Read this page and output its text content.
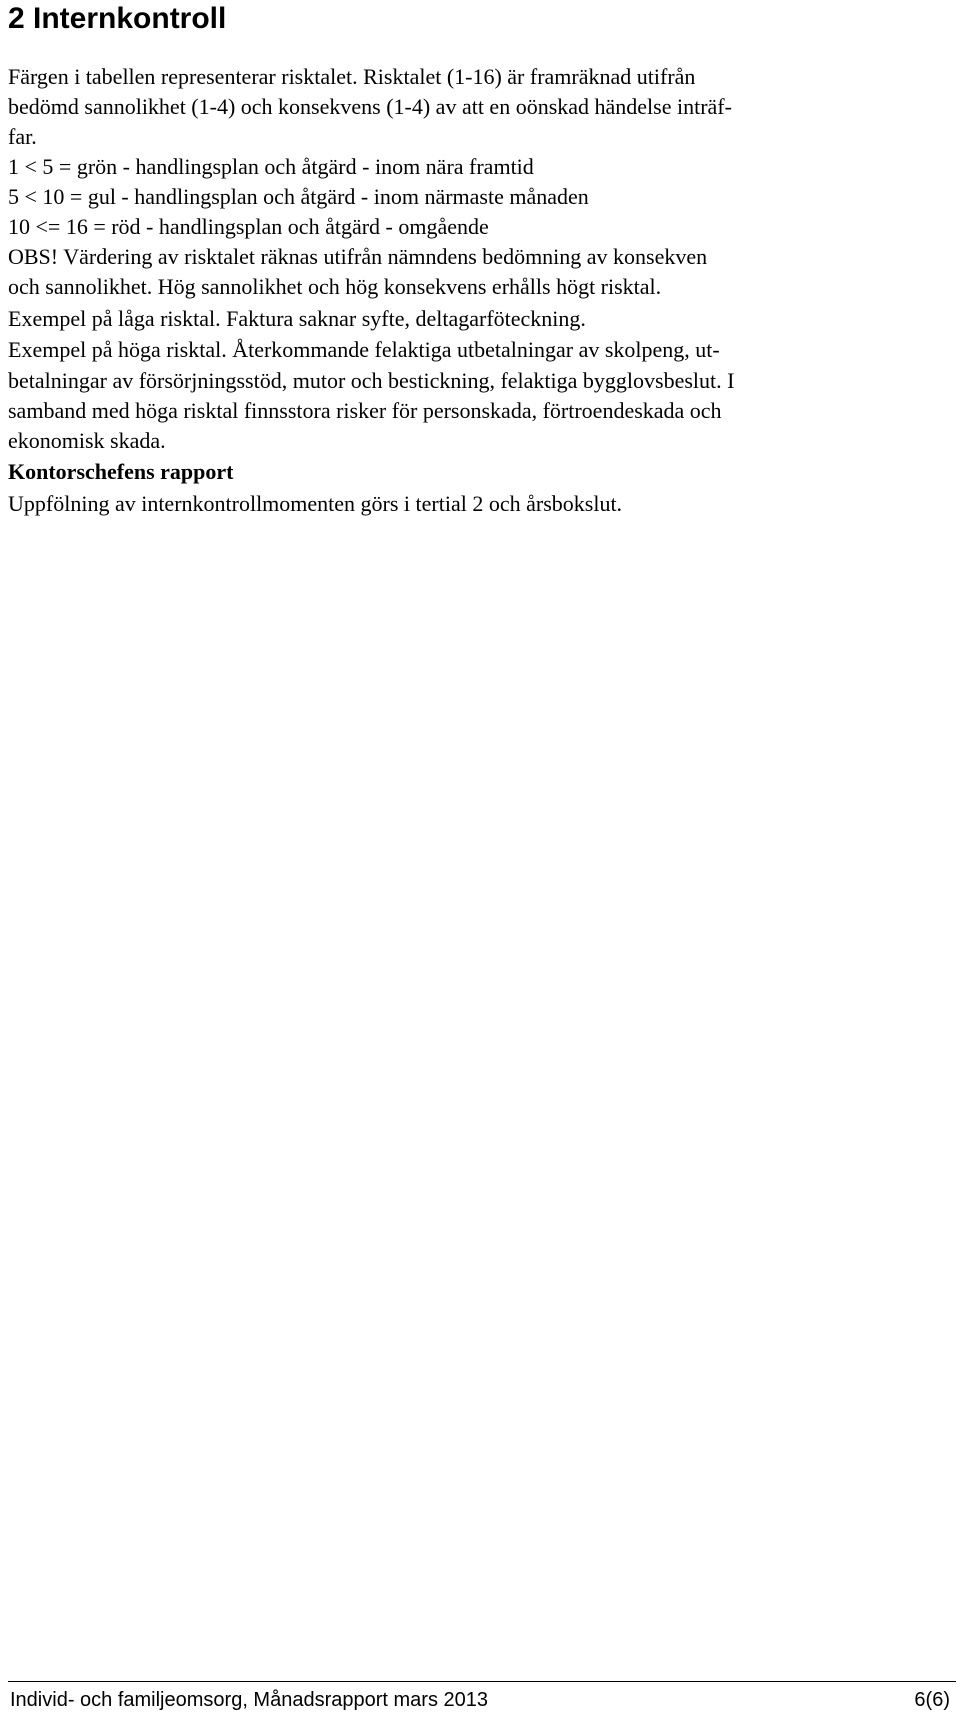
2 Internkontroll
Färgen i tabellen representerar risktalet. Risktalet (1-16) är framräknad utifrån
bedömd sannolikhet (1-4) och konsekvens (1-4) av att en oönskad händelse inträf-
far.
1 < 5 = grön - handlingsplan och åtgärd - inom nära framtid
5 < 10 = gul - handlingsplan och åtgärd - inom närmaste månaden
10 <= 16 = röd - handlingsplan och åtgärd - omgående
OBS! Värdering av risktalet räknas utifrån nämndens bedömning av konsekven
och sannolikhet. Hög sannolikhet och hög konsekvens erhålls högt risktal.
Exempel på låga risktal. Faktura saknar syfte, deltagarföteckning.
Exempel på höga risktal. Återkommande felaktiga utbetalningar av skolpeng, ut-
betalningar av försörjningsstöd, mutor och bestickning, felaktiga bygglovsbeslut. I
samband med höga risktal finnsstora risker för personskada, förtroendeskada och
ekonomisk skada.
Kontorschefens rapport
Uppfölning av internkontrollmomenten görs i tertial 2 och årsbokslut.
Individ- och familjeomsorg, Månadsrapport mars 2013	6(6)
